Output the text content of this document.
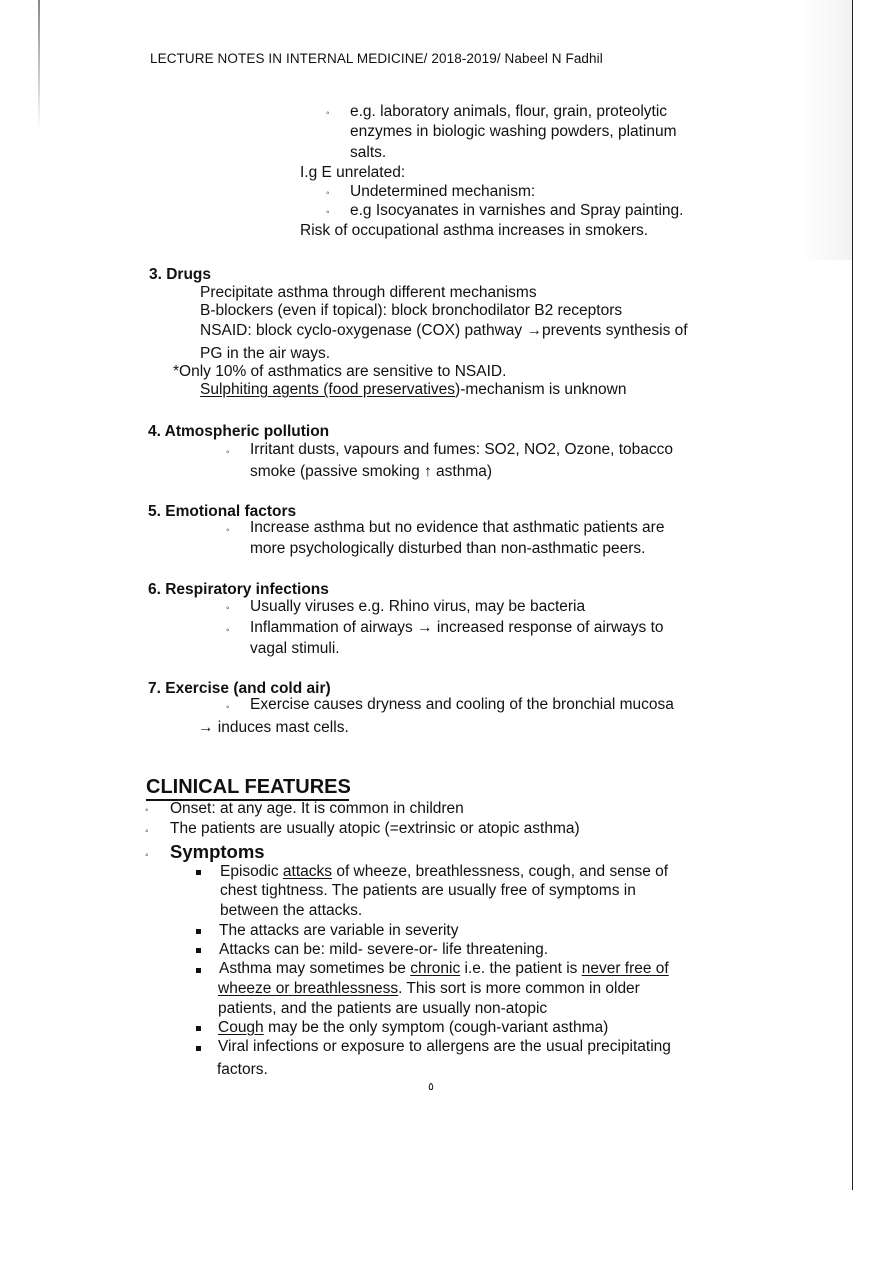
LECTURE NOTES IN INTERNAL MEDICINE/ 2018-2019/ Nabeel N Fadhil
◦ e.g. laboratory animals, flour, grain, proteolytic
enzymes in biologic washing powders, platinum
salts.
I.g E unrelated:
◦ Undetermined mechanism:
◦ e.g Isocyanates in varnishes and Spray painting.
Risk of occupational asthma increases in smokers.
3. Drugs
Precipitate asthma through different mechanisms
B-blockers (even if topical): block bronchodilator B2 receptors
NSAID: block cyclo-oxygenase (COX) pathway →prevents synthesis of
PG in the air ways.
*Only 10% of asthmatics are sensitive to NSAID.
Sulphiting agents (food preservatives)-mechanism is unknown
4. Atmospheric pollution
◦ Irritant dusts, vapours and fumes: SO2, NO2, Ozone, tobacco
smoke (passive smoking ↑ asthma)
5. Emotional factors
◦ Increase asthma but no evidence that asthmatic patients are
more psychologically disturbed than non-asthmatic peers.
6. Respiratory infections
◦ Usually viruses e.g. Rhino virus, may be bacteria
◦ Inflammation of airways → increased response of airways to
vagal stimuli.
7. Exercise (and cold air)
◦ Exercise causes dryness and cooling of the bronchial mucosa
→ induces mast cells.
CLINICAL FEATURES
◦ Onset: at any age. It is common in children
◦ The patients are usually atopic (=extrinsic or atopic asthma)
◦ Symptoms
Episodic attacks of wheeze, breathlessness, cough, and sense of
chest tightness. The patients are usually free of symptoms in
between the attacks.
The attacks are variable in severity
Attacks can be: mild- severe-or- life threatening.
Asthma may sometimes be chronic i.e. the patient is never free of
wheeze or breathlessness. This sort is more common in older
patients, and the patients are usually non-atopic
Cough may be the only symptom (cough-variant asthma)
Viral infections or exposure to allergens are the usual precipitating
factors.
٥
